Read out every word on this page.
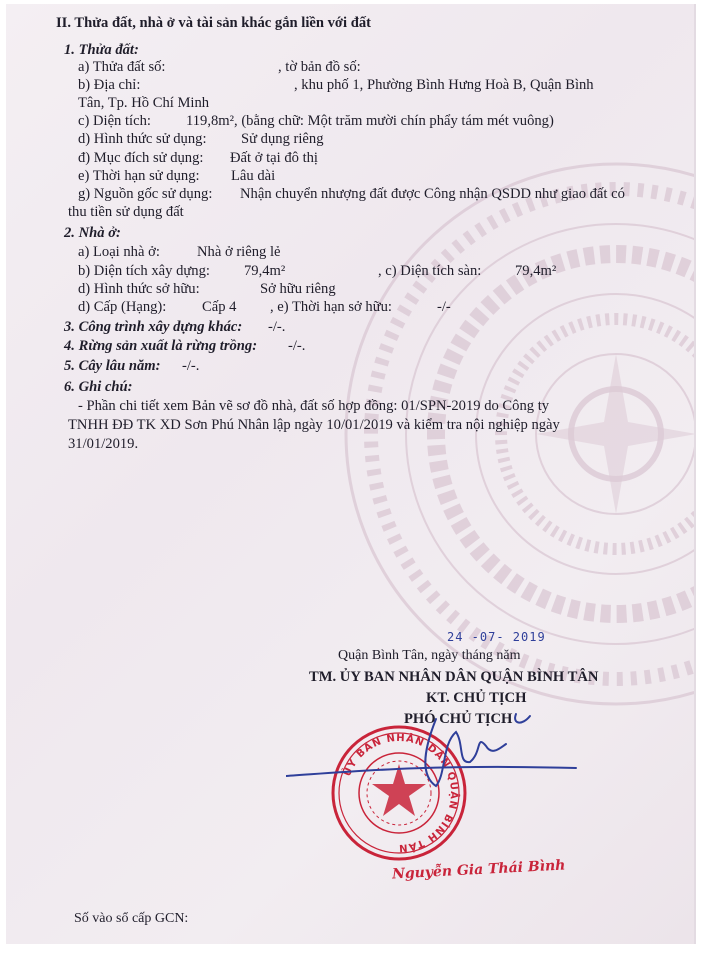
II. Thửa đất, nhà ở và tài sản khác gắn liền với đất
1. Thửa đất:
a) Thửa đất số:	, tờ bản đồ số:
b) Địa chỉ:	, khu phố 1, Phường Bình Hưng Hoà B, Quận Bình
Tân, Tp. Hồ Chí Minh
c) Diện tích: 119,8m², (bằng chữ: Một trăm mười chín phẩy tám mét vuông)
d) Hình thức sử dụng: Sử dụng riêng
đ) Mục đích sử dụng: Đất ở tại đô thị
e) Thời hạn sử dụng: Lâu dài
g) Nguồn gốc sử dụng: Nhận chuyển nhượng đất được Công nhận QSDD như giao đất có
thu tiền sử dụng đất
2. Nhà ở:
a) Loại nhà ở:	Nhà ở riêng lẻ
b) Diện tích xây dựng: 79,4m²	, c) Diện tích sàn: 79,4m²
d) Hình thức sở hữu:	Sở hữu riêng
d) Cấp (Hạng): Cấp 4 , e) Thời hạn sở hữu:	-/-
3. Công trình xây dựng khác: -/-.
4. Rừng sản xuất là rừng trồng: -/-.
5. Cây lâu năm: -/-.
6. Ghi chú:
- Phần chi tiết xem Bản vẽ sơ đồ nhà, đất số hợp đồng: 01/SPN-2019 do Công ty
TNHH ĐĐ TK XD Sơn Phú Nhân lập ngày 10/01/2019 và kiểm tra nội nghiệp ngày
31/01/2019.
24 -07- 2019
Quận Bình Tân, ngày tháng năm
TM. ỦY BAN NHÂN DÂN QUẬN BÌNH TÂN
KT. CHỦ TỊCH
PHÓ CHỦ TỊCH
ỦY BAN NHÂN DÂN QUẬN BÌNH TÂN
Nguyễn Gia Thái Bình
Số vào sổ cấp GCN:
